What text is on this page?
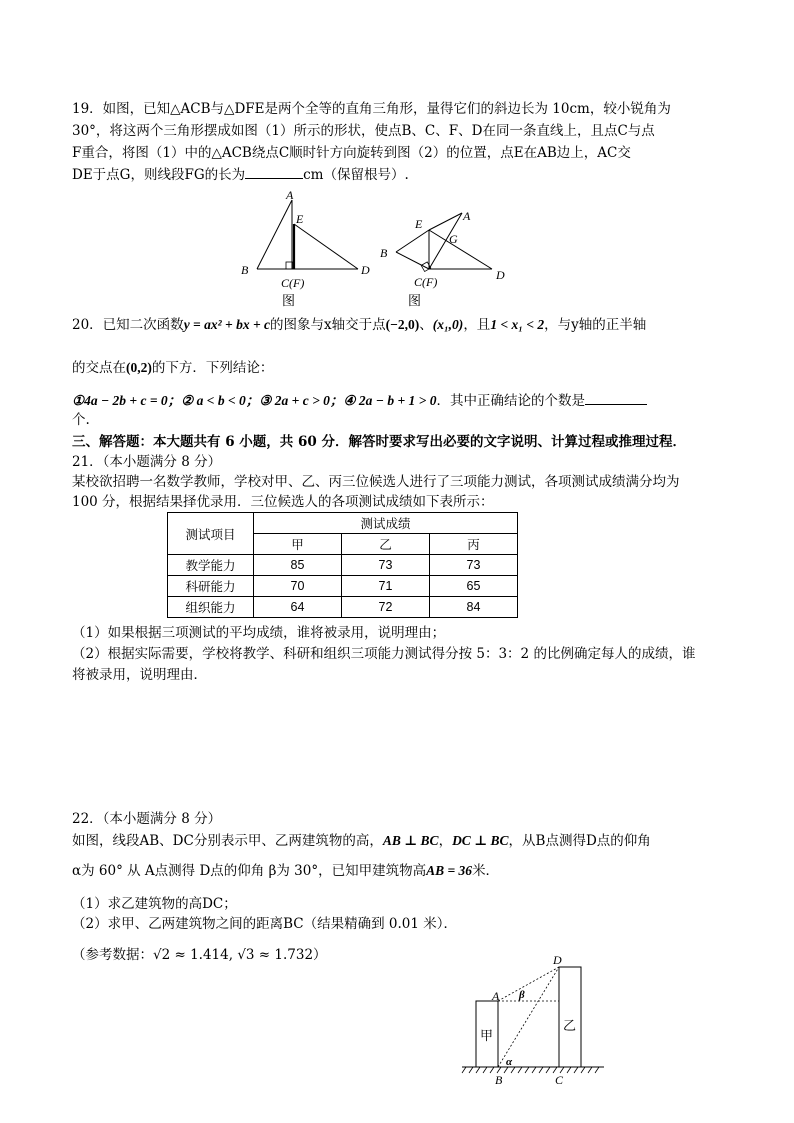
19．如图，已知△ACB与△DFE是两个全等的直角三角形，量得它们的斜边长为 10cm，较小锐角为
30°，将这两个三角形摆成如图（1）所示的形状，使点B、C、F、D在同一条直线上，且点C与点
F重合，将图（1）中的△ACB绕点C顺时针方向旋转到图（2）的位置，点E在AB边上，AC交
DE于点G，则线段FG的长为	cm（保留根号）.
A
E
B	D
C(F)
图
E
A
G
B
D
C(F)
图
20．已知二次函数y = ax² + bx + c的图象与x轴交于点(−2,0)、(x₁,0)，且1 < x₁ < 2，与y轴的正半轴
的交点在(0,2)的下方．下列结论：
①4a − 2b + c = 0；② a < b < 0；③ 2a + c > 0；④ 2a − b + 1 > 0．其中正确结论的个数是
个.
三、解答题：本大题共有 6 小题，共 60 分．解答时要求写出必要的文字说明、计算过程或推理过程．
21．（本小题满分 8 分）
某校欲招聘一名数学教师，学校对甲、乙、丙三位候选人进行了三项能力测试，各项测试成绩满分均为
100 分，根据结果择优录用．三位候选人的各项测试成绩如下表所示：
测试项目	测试成绩		
	甲	乙	丙
教学能力	85	73	73
科研能力	70	71	65
组织能力	64	72	84
（1）如果根据三项测试的平均成绩，谁将被录用，说明理由；
（2）根据实际需要，学校将教学、科研和组织三项能力测试得分按 5：3：2 的比例确定每人的成绩，谁
将被录用，说明理由．
22．（本小题满分 8 分）
如图，线段AB、DC分别表示甲、乙两建筑物的高，AB ⊥ BC，DC ⊥ BC，从B点测得D点的仰角
α为 60° 从 A点测得 D点的仰角 β为 30°，已知甲建筑物高AB = 36米．
（1）求乙建筑物的高DC；
（2）求甲、乙两建筑物之间的距离BC（结果精确到 0.01 米）．
（参考数据：√2 ≈ 1.414, √3 ≈ 1.732）	D
A β
α
B	C
甲
乙
